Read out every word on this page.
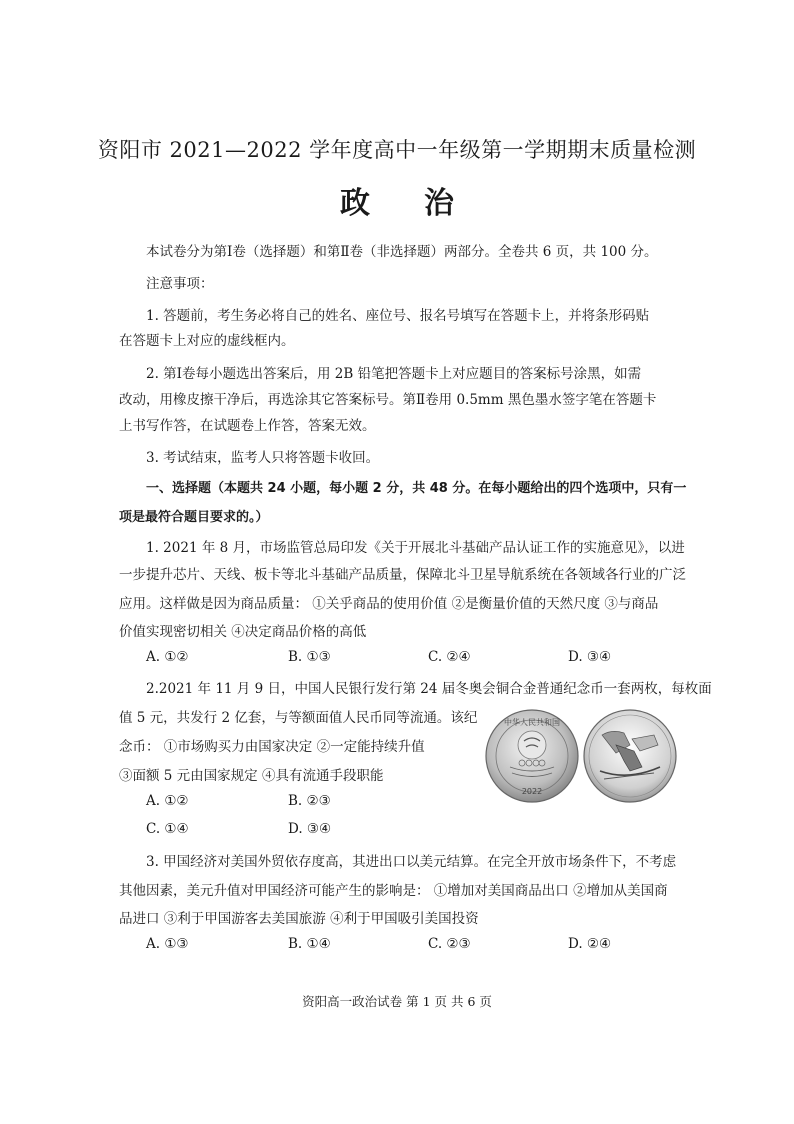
资阳市 2021—2022 学年度高中一年级第一学期期末质量检测
政 治
本试卷分为第Ⅰ卷（选择题）和第Ⅱ卷（非选择题）两部分。全卷共 6 页，共 100 分。
注意事项：
1. 答题前，考生务必将自己的姓名、座位号、报名号填写在答题卡上，并将条形码贴
在答题卡上对应的虚线框内。
2. 第Ⅰ卷每小题选出答案后，用 2B 铅笔把答题卡上对应题目的答案标号涂黑，如需
改动，用橡皮擦干净后，再选涂其它答案标号。第Ⅱ卷用 0.5mm 黑色墨水签字笔在答题卡
上书写作答，在试题卷上作答，答案无效。
3. 考试结束，监考人只将答题卡收回。
一、选择题（本题共 24 小题，每小题 2 分，共 48 分。在每小题给出的四个选项中，只有一
项是最符合题目要求的。）
1. 2021 年 8 月，市场监管总局印发《关于开展北斗基础产品认证工作的实施意见》，以进
一步提升芯片、天线、板卡等北斗基础产品质量，保障北斗卫星导航系统在各领域各行业的广泛
应用。这样做是因为商品质量： ①关乎商品的使用价值 ②是衡量价值的天然尺度 ③与商品
价值实现密切相关 ④决定商品价格的高低
A. ①②	B. ①③	C. ②④	D. ③④
2.2021 年 11 月 9 日，中国人民银行发行第 24 届冬奥会铜合金普通纪念币一套两枚，每枚面
值 5 元，共发行 2 亿套，与等额面值人民币同等流通。该纪
念币： ①市场购买力由国家决定 ②一定能持续升值
③面额 5 元由国家规定 ④具有流通手段职能
A. ①②	B. ②③
C. ①④	D. ③④
中华人民共和国
2022
3. 甲国经济对美国外贸依存度高，其进出口以美元结算。在完全开放市场条件下，不考虑
其他因素，美元升值对甲国经济可能产生的影响是： ①增加对美国商品出口 ②增加从美国商
品进口 ③利于甲国游客去美国旅游 ④利于甲国吸引美国投资
A. ①③	B. ①④	C. ②③	D. ②④
资阳高一政治试卷 第 1 页 共 6 页
